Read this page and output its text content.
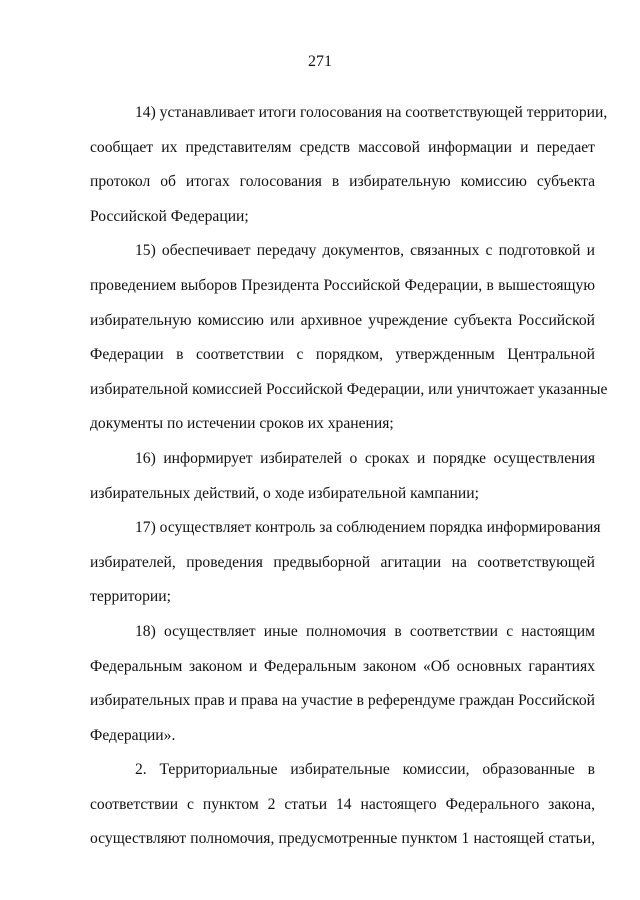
271
14) устанавливает итоги голосования на соответствующей территории,
сообщает их представителям средств массовой информации и передает
протокол об итогах голосования в избирательную комиссию субъекта
Российской Федерации;
15) обеспечивает передачу документов, связанных с подготовкой и
проведением выборов Президента Российской Федерации, в вышестоящую
избирательную комиссию или архивное учреждение субъекта Российской
Федерации в соответствии с порядком, утвержденным Центральной
избирательной комиссией Российской Федерации, или уничтожает указанные
документы по истечении сроков их хранения;
16) информирует избирателей о сроках и порядке осуществления
избирательных действий, о ходе избирательной кампании;
17) осуществляет контроль за соблюдением порядка информирования
избирателей, проведения предвыборной агитации на соответствующей
территории;
18) осуществляет иные полномочия в соответствии с настоящим
Федеральным законом и Федеральным законом «Об основных гарантиях
избирательных прав и права на участие в референдуме граждан Российской
Федерации».
2. Территориальные избирательные комиссии, образованные в
соответствии с пунктом 2 статьи 14 настоящего Федерального закона,
осуществляют полномочия, предусмотренные пунктом 1 настоящей статьи,
